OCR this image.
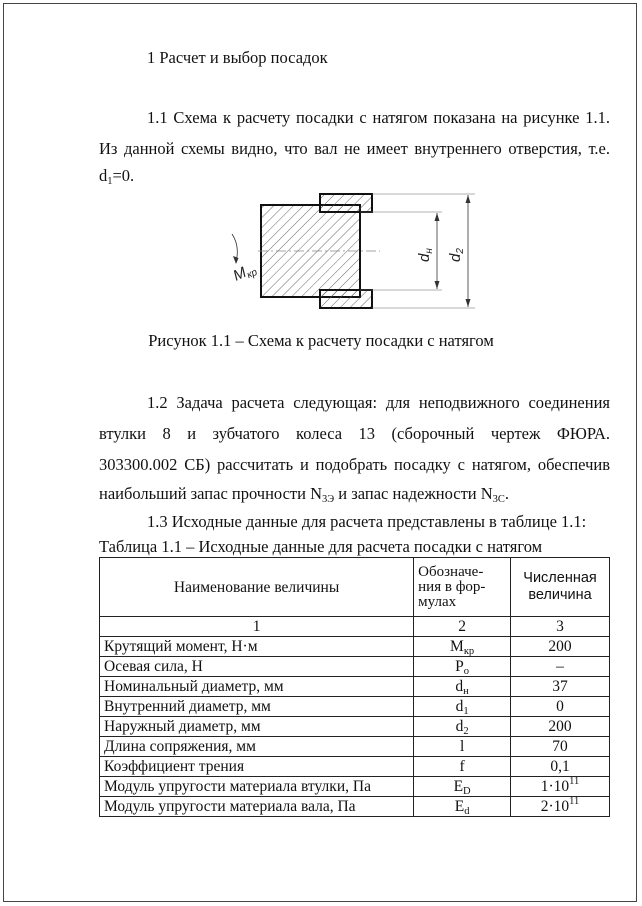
1 Расчет и выбор посадок
1.1 Схема к расчету посадки с натягом показана на рисунке 1.1.
Из данной схемы видно, что вал не имеет внутреннего отверстия, т.е.
$d_1=0$.
$M_{кр}$
$d_н$
$d_2$
Рисунок 1.1 – Схема к расчету посадки с натягом
1.2 Задача расчета следующая: для неподвижного соединения
втулки 8 и зубчатого колеса 13 (сборочный чертеж ФЮРА.
303300.002 СБ) рассчитать и подобрать посадку с натягом, обеспечив
наибольший запас прочности $N_{3Э}$ и запас надежности $N_{3С}$.
1.3 Исходные данные для расчета представлены в таблице 1.1:
Таблица 1.1 – Исходные данные для расчета посадки с натягом
Наименование величины	Обозначе-ния в фор-мулах	Численная величина
1	2	3
Крутящий момент, Н·м	$M_{кр}$	200
Осевая сила, Н	$P_о$	–
Номинальный диаметр, мм	$d_н$	37
Внутренний диаметр, мм	$d_1$	0
Наружный диаметр, мм	$d_2$	200
Длина сопряжения, мм	l	70
Коэффициент трения	f	0,1
Модуль упругости материала втулки, Па	$E_D$	$1\cdot 10^{11}$
Модуль упругости материала вала, Па	$E_d$	$2\cdot 10^{11}$
